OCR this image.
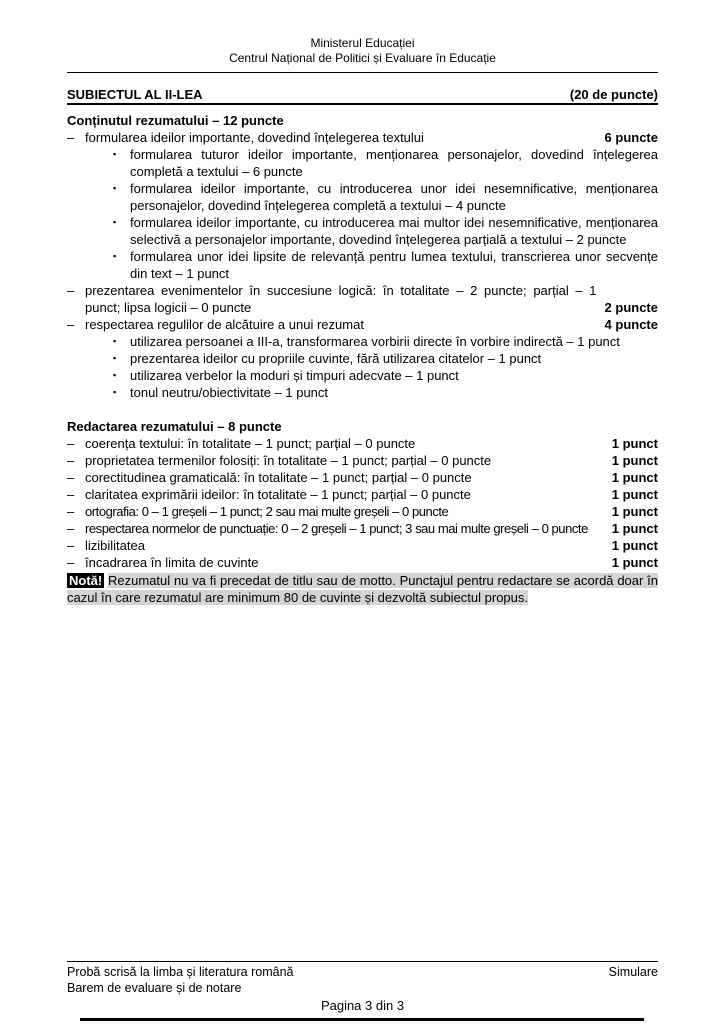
Ministerul Educației
Centrul Național de Politici și Evaluare în Educație
SUBIECTUL AL II-LEA	(20 de puncte)
Conținutul rezumatului – 12 puncte
– formularea ideilor importante, dovedind înțelegerea textului	6 puncte
▪	formularea tuturor ideilor importante, menționarea personajelor, dovedind înțelegerea completă a textului – 6 puncte
▪	formularea ideilor importante, cu introducerea unor idei nesemnificative, menționarea personajelor, dovedind înțelegerea completă a textului – 4 puncte
▪	formularea ideilor importante, cu introducerea mai multor idei nesemnificative, menționarea selectivă a personajelor importante, dovedind înțelegerea parțială a textului – 2 puncte
▪	formularea unor idei lipsite de relevanță pentru lumea textului, transcrierea unor secvențe din text – 1 punct
– prezentarea evenimentelor în succesiune logică: în totalitate – 2 puncte; parțial – 1 punct; lipsa logicii – 0 puncte	2 puncte
– respectarea regulilor de alcătuire a unui rezumat	4 puncte
▪	utilizarea persoanei a III-a, transformarea vorbirii directe în vorbire indirectă – 1 punct
▪	prezentarea ideilor cu propriile cuvinte, fără utilizarea citatelor – 1 punct
▪	utilizarea verbelor la moduri și timpuri adecvate – 1 punct
▪	tonul neutru/obiectivitate – 1 punct
Redactarea rezumatului – 8 puncte
– coerența textului: în totalitate – 1 punct; parțial – 0 puncte	1 punct
– proprietatea termenilor folosiți: în totalitate – 1 punct; parțial – 0 puncte	1 punct
– corectitudinea gramaticală: în totalitate – 1 punct; parțial – 0 puncte	1 punct
– claritatea exprimării ideilor: în totalitate – 1 punct; parțial – 0 puncte	1 punct
– ortografia: 0 – 1 greșeli – 1 punct; 2 sau mai multe greșeli – 0 puncte	1 punct
– respectarea normelor de punctuație: 0 – 2 greșeli – 1 punct; 3 sau mai multe greșeli – 0 puncte	1 punct
– lizibilitatea	1 punct
– încadrarea în limita de cuvinte	1 punct

Notă! Rezumatul nu va fi precedat de titlu sau de motto. Punctajul pentru redactare se acordă doar în cazul în care rezumatul are minimum 80 de cuvinte și dezvoltă subiectul propus.

Probă scrisă la limba și literatura română	Simulare
Barem de evaluare și de notare
Pagina 3 din 3
